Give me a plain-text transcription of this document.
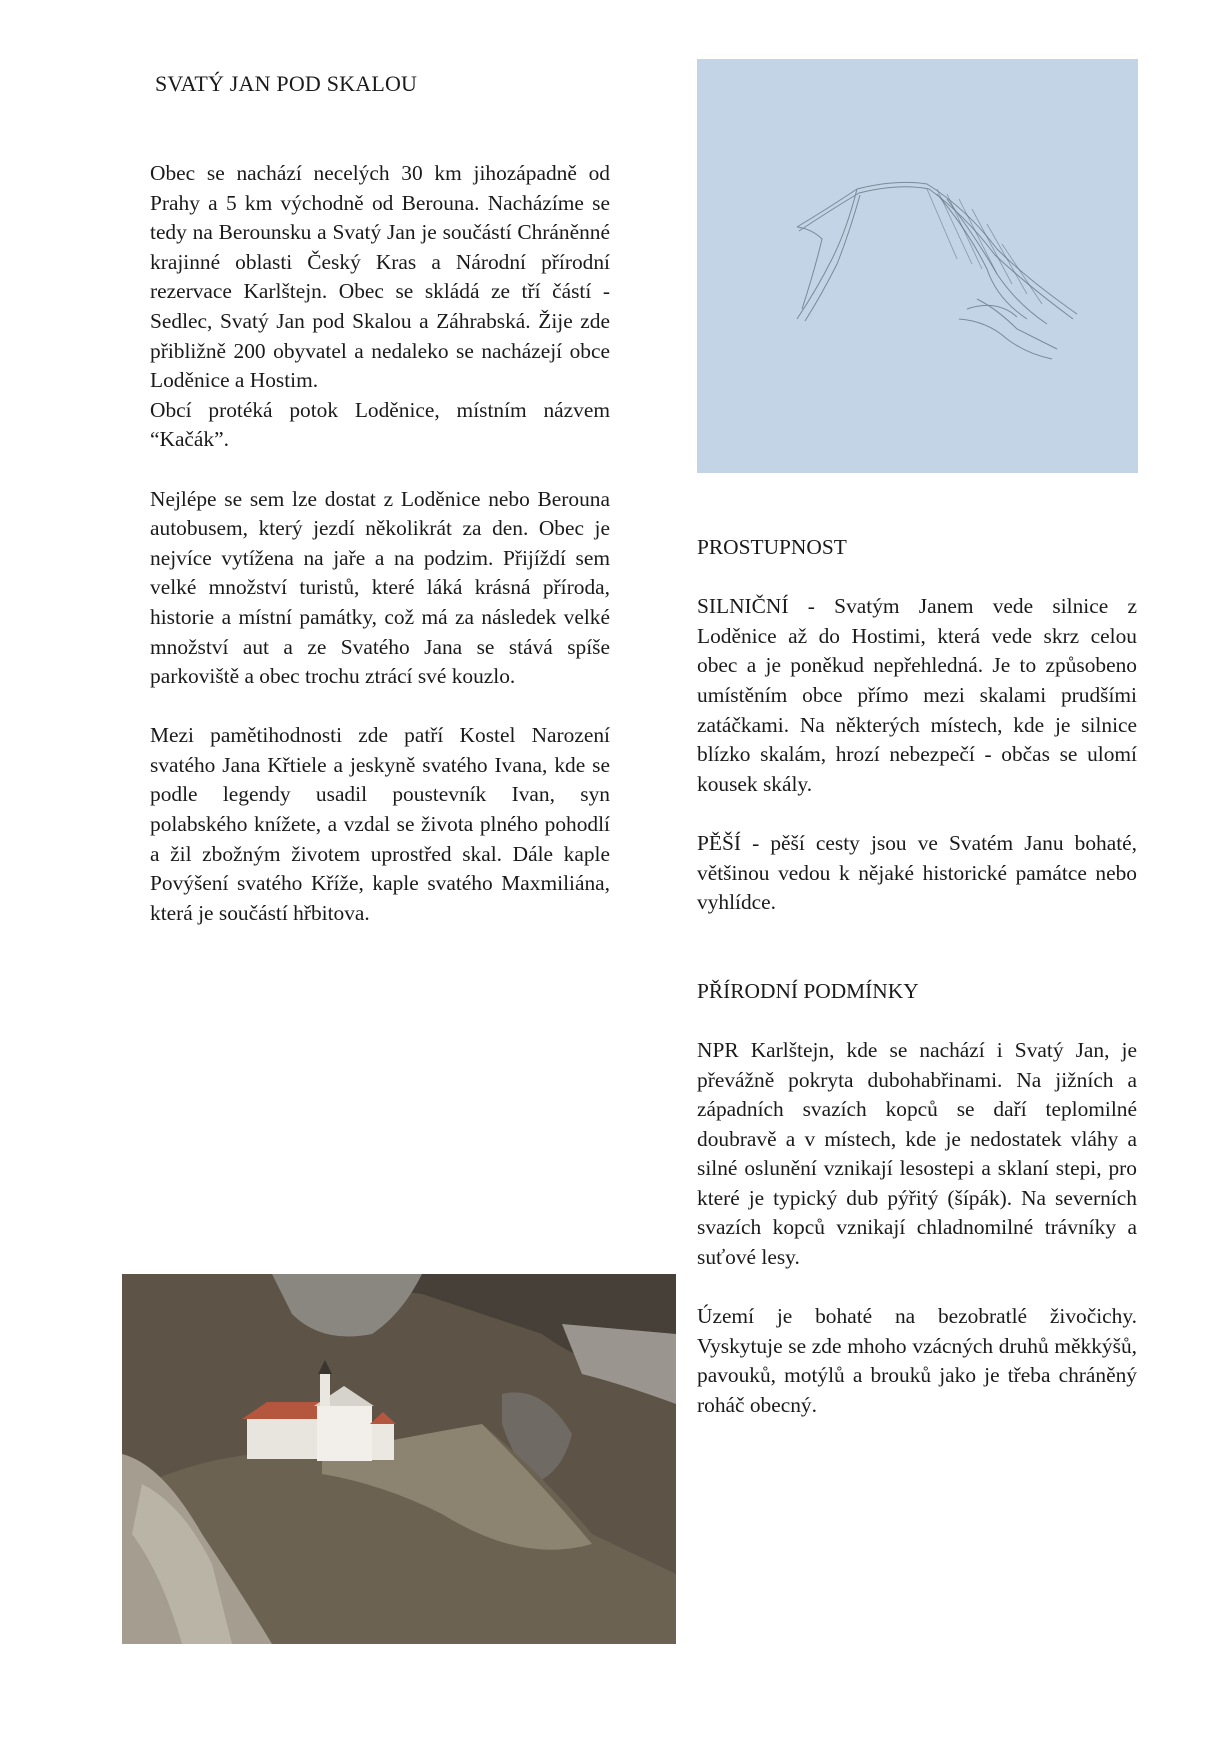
SVATÝ JAN POD SKALOU

Obec se nachází necelých 30 km jihozápadně od Prahy a 5 km východně od Berouna. Nacházíme se tedy na Berounsku a Svatý Jan je součástí Chráněnné krajinné oblasti Český Kras a Národní přírodní rezervace Karlštejn. Obec se skládá ze tří částí - Sedlec, Svatý Jan pod Skalou a Záhrabská. Žije zde přibližně 200 obyvatel a nedaleko se nacházejí obce Loděnice a Hostim.
Obcí protéká potok Loděnice, místním názvem “Kačák”.

Nejlépe se sem lze dostat z Loděnice nebo Berouna autobusem, který jezdí několikrát za den. Obec je nejvíce vytížena na jaře a na podzim. Přijíždí sem velké množství turistů, které láká krásná příroda, historie a místní památky, což má za následek velké množství aut a ze Svatého Jana se stává spíše parkoviště a obec trochu ztrácí své kouzlo.

Mezi pamětihodnosti zde patří Kostel Narození svatého Jana Křtiele a jeskyně svatého Ivana, kde se podle legendy usadil poustevník Ivan, syn polabského knížete, a vzdal se života plného pohodlí a žil zbožným životem uprostřed skal. Dále kaple Povýšení svatého Kříže, kaple svatého Maxmiliána, která je součástí hřbitova.

PROSTUPNOST

SILNIČNÍ - Svatým Janem vede silnice z Loděnice až do Hostimi, která vede skrz celou obec a je poněkud nepřehledná. Je to způsobeno umístěním obce přímo mezi skalami prudšími zatáčkami. Na některých místech, kde je silnice blízko skalám, hrozí nebezpečí - občas se ulomí kousek skály.

PĚŠÍ - pěší cesty jsou ve Svatém Janu bohaté, většinou vedou k nějaké historické památce nebo vyhlídce.

PŘÍRODNÍ PODMÍNKY

NPR Karlštejn, kde se nachází i Svatý Jan, je převážně pokryta dubohabřinami. Na jižních a západních svazích kopců se daří teplomilné doubravě a v místech, kde je nedostatek vláhy a silné oslunění vznikají lesostepi a sklaní stepi, pro které je typický dub pýřitý (šípák). Na severních svazích kopců vznikají chladnomilné trávníky a suťové lesy.

Území je bohaté na bezobratlé živočichy. Vyskytuje se zde mhoho vzácných druhů měkkýšů, pavouků, motýlů a brouků jako je třeba chráněný roháč obecný.
